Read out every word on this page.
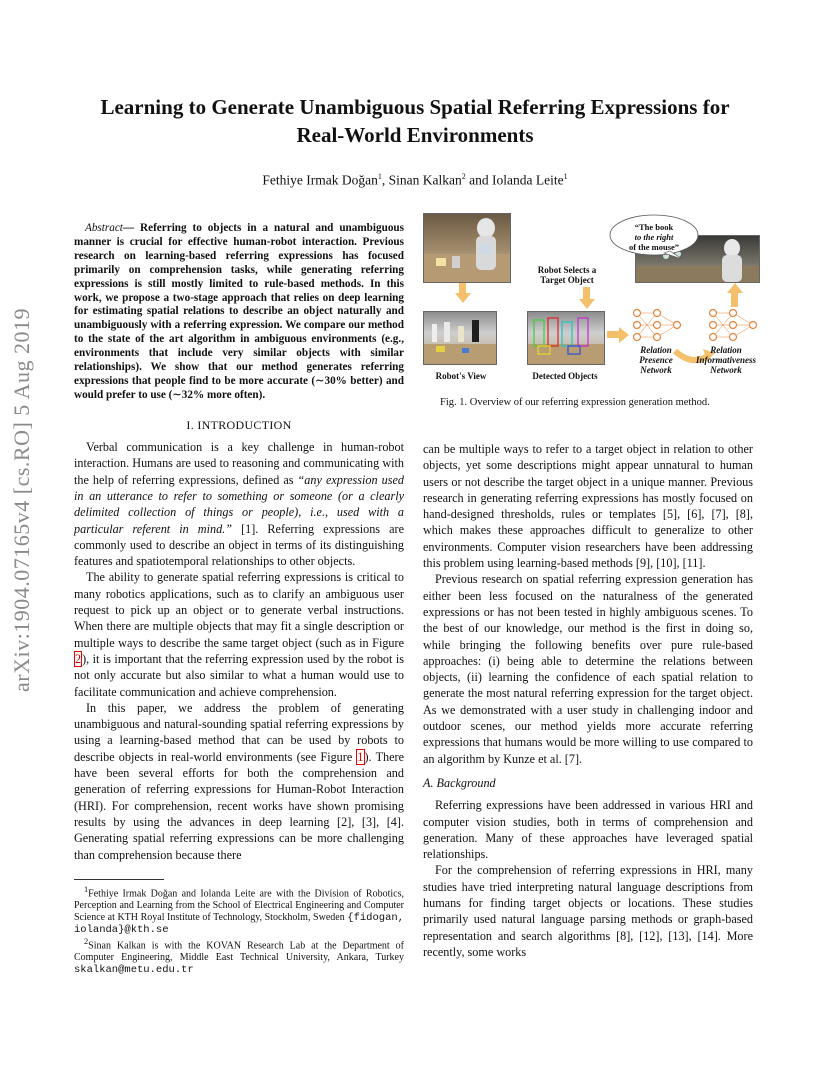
arXiv:1904.07165v4 [cs.RO] 5 Aug 2019
Learning to Generate Unambiguous Spatial Referring Expressions for
Real-World Environments
Fethiye Irmak Doğan$^1$, Sinan Kalkan$^2$ and Iolanda Leite$^1$

Abstract— Referring to objects in a natural and unambiguous manner is crucial for effective human-robot interaction. Previous research on learning-based referring expressions has focused primarily on comprehension tasks, while generating referring expressions is still mostly limited to rule-based methods. In this work, we propose a two-stage approach that relies on deep learning for estimating spatial relations to describe an object naturally and unambiguously with a referring expression. We compare our method to the state of the art algorithm in ambiguous environments (e.g., environments that include very similar objects with similar relationships). We show that our method generates referring expressions that people find to be more accurate (∼30% better) and would prefer to use (∼32% more often).

I. INTRODUCTION

Verbal communication is a key challenge in human-robot interaction. Humans are used to reasoning and communicating with the help of referring expressions, defined as “any expression used in an utterance to refer to something or someone (or a clearly delimited collection of things or people), i.e., used with a particular referent in mind.” [1]. Referring expressions are commonly used to describe an object in terms of its distinguishing features and spatiotemporal relationships to other objects.

The ability to generate spatial referring expressions is critical to many robotics applications, such as to clarify an ambiguous user request to pick up an object or to generate verbal instructions. When there are multiple objects that may fit a single description or multiple ways to describe the same target object (such as in Figure 2), it is important that the referring expression used by the robot is not only accurate but also similar to what a human would use to facilitate communication and achieve comprehension.

In this paper, we address the problem of generating unambiguous and natural-sounding spatial referring expressions by using a learning-based method that can be used by robots to describe objects in real-world environments (see Figure 1). There have been several efforts for both the comprehension and generation of referring expressions for Human-Robot Interaction (HRI). For comprehension, recent works have shown promising results by using the advances in deep learning [2], [3], [4]. Generating spatial referring expressions can be more challenging than comprehension because there

$^1$Fethiye Irmak Doğan and Iolanda Leite are with the Division of Robotics, Perception and Learning from the School of Electrical Engineering and Computer Science at KTH Royal Institute of Technology, Stockholm, Sweden {fidogan, iolanda}@kth.se

$^2$Sinan Kalkan is with the KOVAN Research Lab at the Department of Computer Engineering, Middle East Technical University, Ankara, Turkey skalkan@metu.edu.tr

Robot Selects a
Target Object
“The book
to the right
of the mouse”
Relation
Presence
Network
Relation
Informativeness
Network
Robot's View	Detected Objects
Fig. 1. Overview of our referring expression generation method.

can be multiple ways to refer to a target object in relation to other objects, yet some descriptions might appear unnatural to human users or not describe the target object in a unique manner. Previous research in generating referring expressions has mostly focused on hand-designed thresholds, rules or templates [5], [6], [7], [8], which makes these approaches difficult to generalize to other environments. Computer vision researchers have been addressing this problem using learning-based methods [9], [10], [11].

Previous research on spatial referring expression generation has either been less focused on the naturalness of the generated expressions or has not been tested in highly ambiguous scenes. To the best of our knowledge, our method is the first in doing so, while bringing the following benefits over pure rule-based approaches: (i) being able to determine the relations between objects, (ii) learning the confidence of each spatial relation to generate the most natural referring expression for the target object. As we demonstrated with a user study in challenging indoor and outdoor scenes, our method yields more accurate referring expressions that humans would be more willing to use compared to an algorithm by Kunze et al. [7].

A. Background

Referring expressions have been addressed in various HRI and computer vision studies, both in terms of comprehension and generation. Many of these approaches have leveraged spatial relationships.

For the comprehension of referring expressions in HRI, many studies have tried interpreting natural language descriptions from humans for finding target objects or locations. These studies primarily used natural language parsing methods or graph-based representation and search algorithms [8], [12], [13], [14]. More recently, some works
